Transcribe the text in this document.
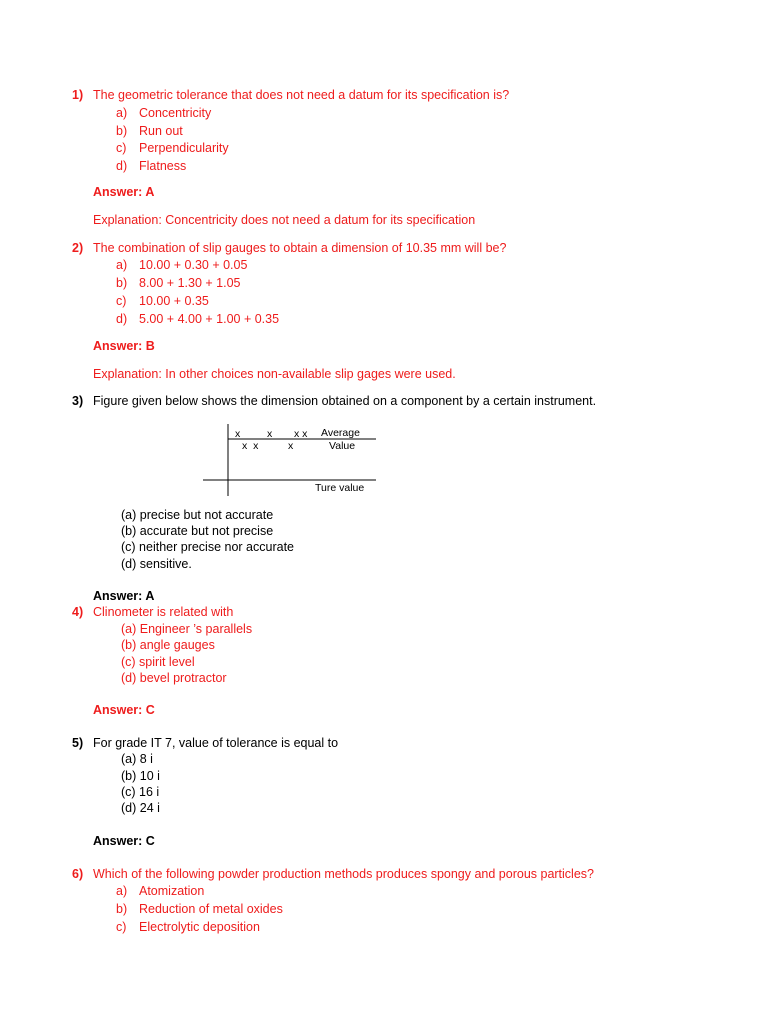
1) The geometric tolerance that does not need a datum for its specification is?
a) Concentricity
b) Run out
c) Perpendicularity
d) Flatness
Answer: A
Explanation: Concentricity does not need a datum for its specification
2) The combination of slip gauges to obtain a dimension of 10.35 mm will be?
a) 10.00 + 0.30 + 0.05
b) 8.00 + 1.30 + 1.05
c) 10.00 + 0.35
d) 5.00 + 4.00 + 1.00 + 0.35
Answer: B
Explanation: In other choices non-available slip gages were used.
3) Figure given below shows the dimension obtained on a component by a certain instrument.
x	x x x
x  x	x
Average
Value
Ture value
(a) precise but not accurate
(b) accurate but not precise
(c) neither precise nor accurate
(d) sensitive.
Answer: A
4) Clinometer is related with
(a) Engineer ’s parallels
(b) angle gauges
(c) spirit level
(d) bevel protractor
Answer: C
5) For grade IT 7, value of tolerance is equal to
(a) 8 i
(b) 10 i
(c) 16 i
(d) 24 i
Answer: C
6) Which of the following powder production methods produces spongy and porous particles?
a) Atomization
b) Reduction of metal oxides
c) Electrolytic deposition
